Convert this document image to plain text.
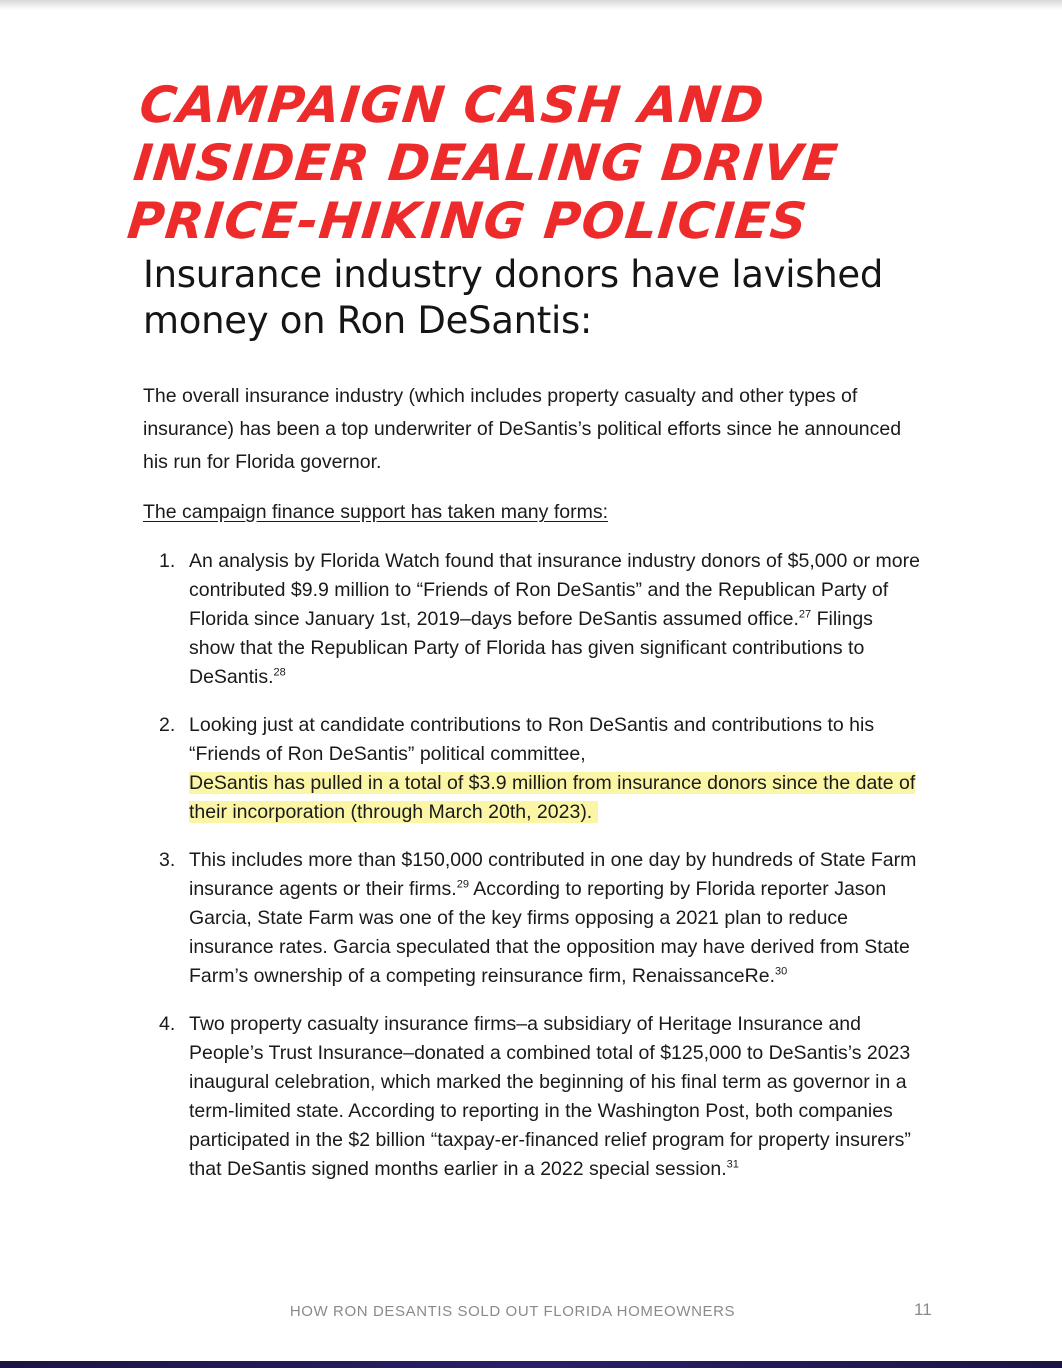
CAMPAIGN CASH AND
INSIDER DEALING DRIVE
PRICE-HIKING POLICIES
Insurance industry donors have lavished
money on Ron DeSantis:

The overall insurance industry (which includes property casualty and other types of insurance) has been a top underwriter of DeSantis’s political efforts since he announced his run for Florida governor.

The campaign finance support has taken many forms:

1. An analysis by Florida Watch found that insurance industry donors of $5,000 or more contributed $9.9 million to “Friends of Ron DeSantis” and the Republican Party of Florida since January 1st, 2019–days before DeSantis assumed office.$^{27}$ Filings show that the Republican Party of Florida has given significant contributions to DeSantis.$^{28}$
2. Looking just at candidate contributions to Ron DeSantis and contributions to his “Friends of Ron DeSantis” political committee,
DeSantis has pulled in a total of $3.9 million from insurance donors since the date of their incorporation (through March 20th, 2023).
3. This includes more than $150,000 contributed in one day by hundreds of State Farm insurance agents or their firms.$^{29}$ According to reporting by Florida reporter Jason Garcia, State Farm was one of the key firms opposing a 2021 plan to reduce insurance rates. Garcia speculated that the opposition may have derived from State Farm’s ownership of a competing reinsurance firm, RenaissanceRe.$^{30}$
4. Two property casualty insurance firms–a subsidiary of Heritage Insurance and People’s Trust Insurance–donated a combined total of $125,000 to DeSantis’s 2023 inaugural celebration, which marked the beginning of his final term as governor in a term-limited state. According to reporting in the Washington Post, both companies participated in the $2 billion “taxpay-er-financed relief program for property insurers” that DeSantis signed months earlier in a 2022 special session.$^{31}$
HOW RON DESANTIS SOLD OUT FLORIDA HOMEOWNERS	11
